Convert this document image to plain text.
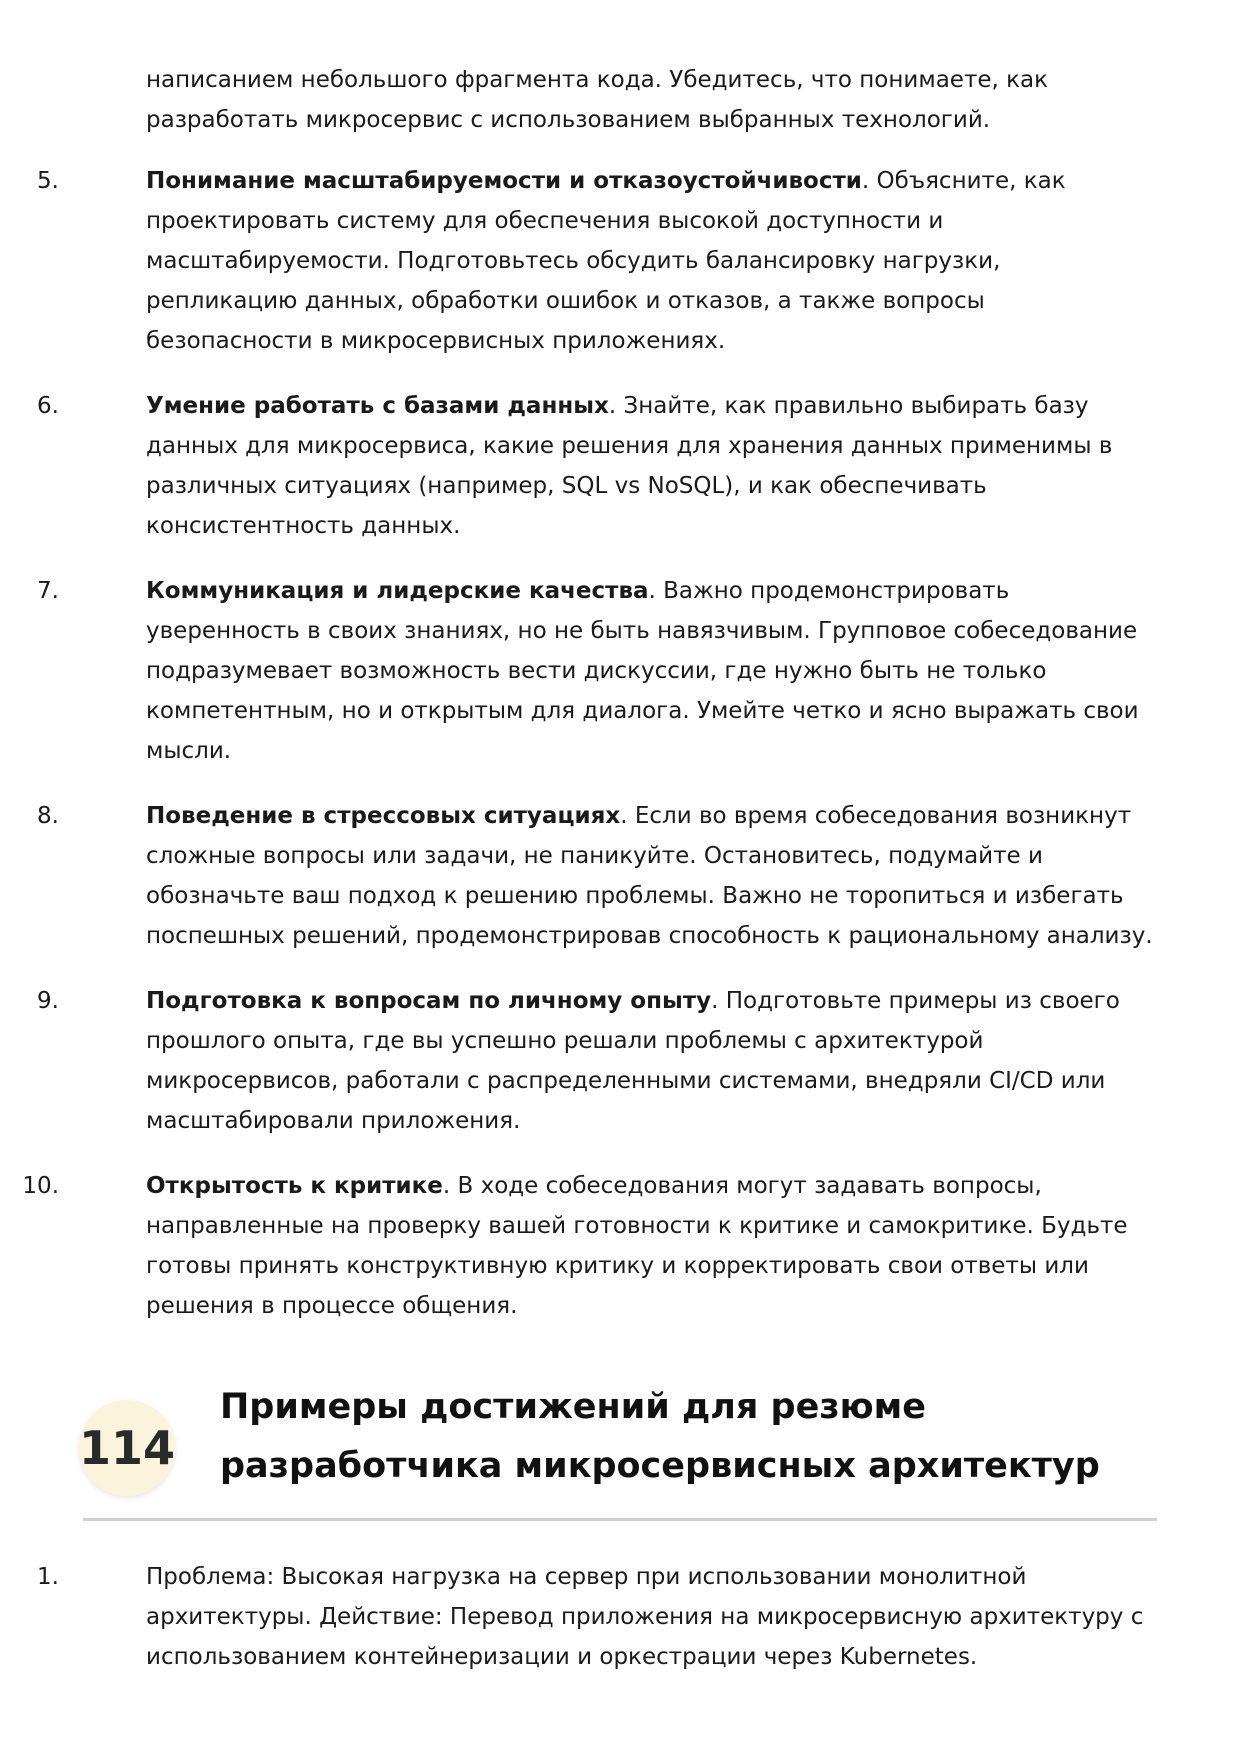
написанием небольшого фрагмента кода. Убедитесь, что понимаете, как разработать микросервис с использованием выбранных технологий.

5.	Понимание масштабируемости и отказоустойчивости. Объясните, как проектировать систему для обеспечения высокой доступности и масштабируемости. Подготовьтесь обсудить балансировку нагрузки, репликацию данных, обработки ошибок и отказов, а также вопросы безопасности в микросервисных приложениях.
6.	Умение работать с базами данных. Знайте, как правильно выбирать базу данных для микросервиса, какие решения для хранения данных применимы в различных ситуациях (например, SQL vs NoSQL), и как обеспечивать консистентность данных.
7.	Коммуникация и лидерские качества. Важно продемонстрировать уверенность в своих знаниях, но не быть навязчивым. Групповое собеседование подразумевает возможность вести дискуссии, где нужно быть не только компетентным, но и открытым для диалога. Умейте четко и ясно выражать свои мысли.
8.	Поведение в стрессовых ситуациях. Если во время собеседования возникнут сложные вопросы или задачи, не паникуйте. Остановитесь, подумайте и обозначьте ваш подход к решению проблемы. Важно не торопиться и избегать поспешных решений, продемонстрировав способность к рациональному анализу.
9.	Подготовка к вопросам по личному опыту. Подготовьте примеры из своего прошлого опыта, где вы успешно решали проблемы с архитектурой микросервисов, работали с распределенными системами, внедряли CI/CD или масштабировали приложения.
10.	Открытость к критике. В ходе собеседования могут задавать вопросы, направленные на проверку вашей готовности к критике и самокритике. Будьте готовы принять конструктивную критику и корректировать свои ответы или решения в процессе общения.
114
Примеры достижений для резюме разработчика микросервисных архитектур
1.	Проблема: Высокая нагрузка на сервер при использовании монолитной архитектуры. Действие: Перевод приложения на микросервисную архитектуру с использованием контейнеризации и оркестрации через Kubernetes.
